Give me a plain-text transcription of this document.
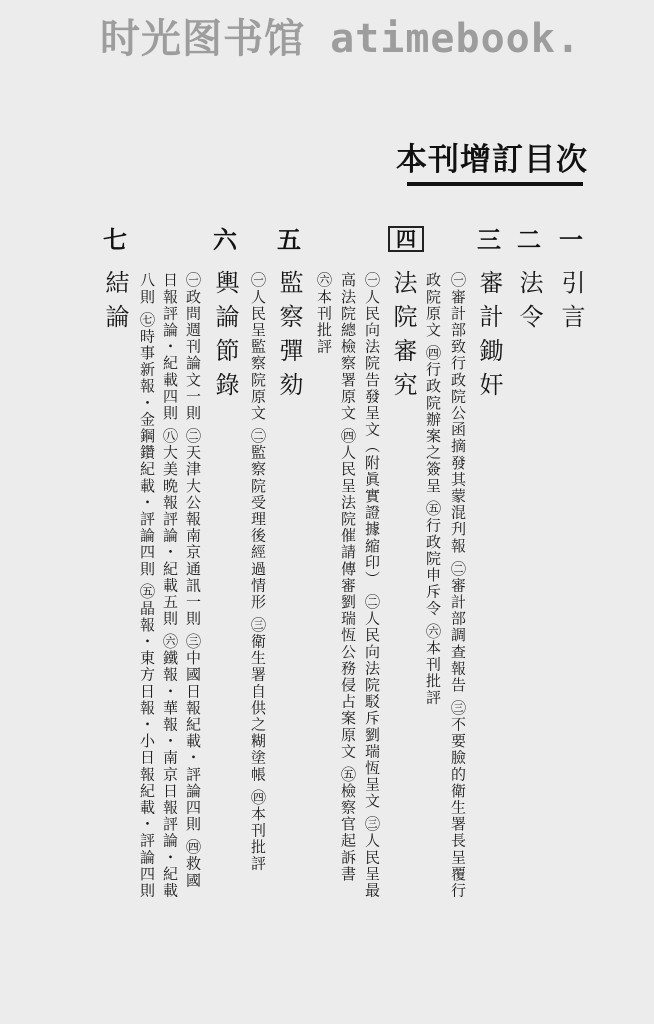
时光图书馆 atimebook.
本刊增訂目次
一
引言
二
法令
三
審計鋤奸
㊀審計部致行政院公函摘發其蒙混刋報 ㊁審計部調查報告 ㊂不要臉的衛生署長呈覆行
政院原文 ㊃行政院辦案之簽呈 ㊄行政院申斥令 ㊅本刊批評
四
法院審究
㊀人民向法院告發呈文（附眞實證據縮印） ㊁人民向法院駁斥劉瑞恆呈文 ㊂人民呈最
高法院總檢察署原文 ㊃人民呈法院催請傳審劉瑞恆公務侵占案原文 ㊄檢察官起訴書
㊅本刊批評
五
監察彈劾
㊀人民呈監察院原文 ㊁監察院受理後經過情形 ㊂衛生署自供之糊塗帳 ㊃本刊批評
六
輿論節錄
㊀政問週刊論文一則 ㊁天津大公報南京通訊一則 ㊂中國日報紀載・評論四則 ㊃救國
日報評論・紀載四則 ㊇大美晩報評論・紀載五則 ㊅鐵報・華報・南京日報評論・紀載
八則 ㊆時事新報・金鋼鑽紀載・評論四則 ㊄晶報・東方日報・小日報紀載・評論四則
七
結論
